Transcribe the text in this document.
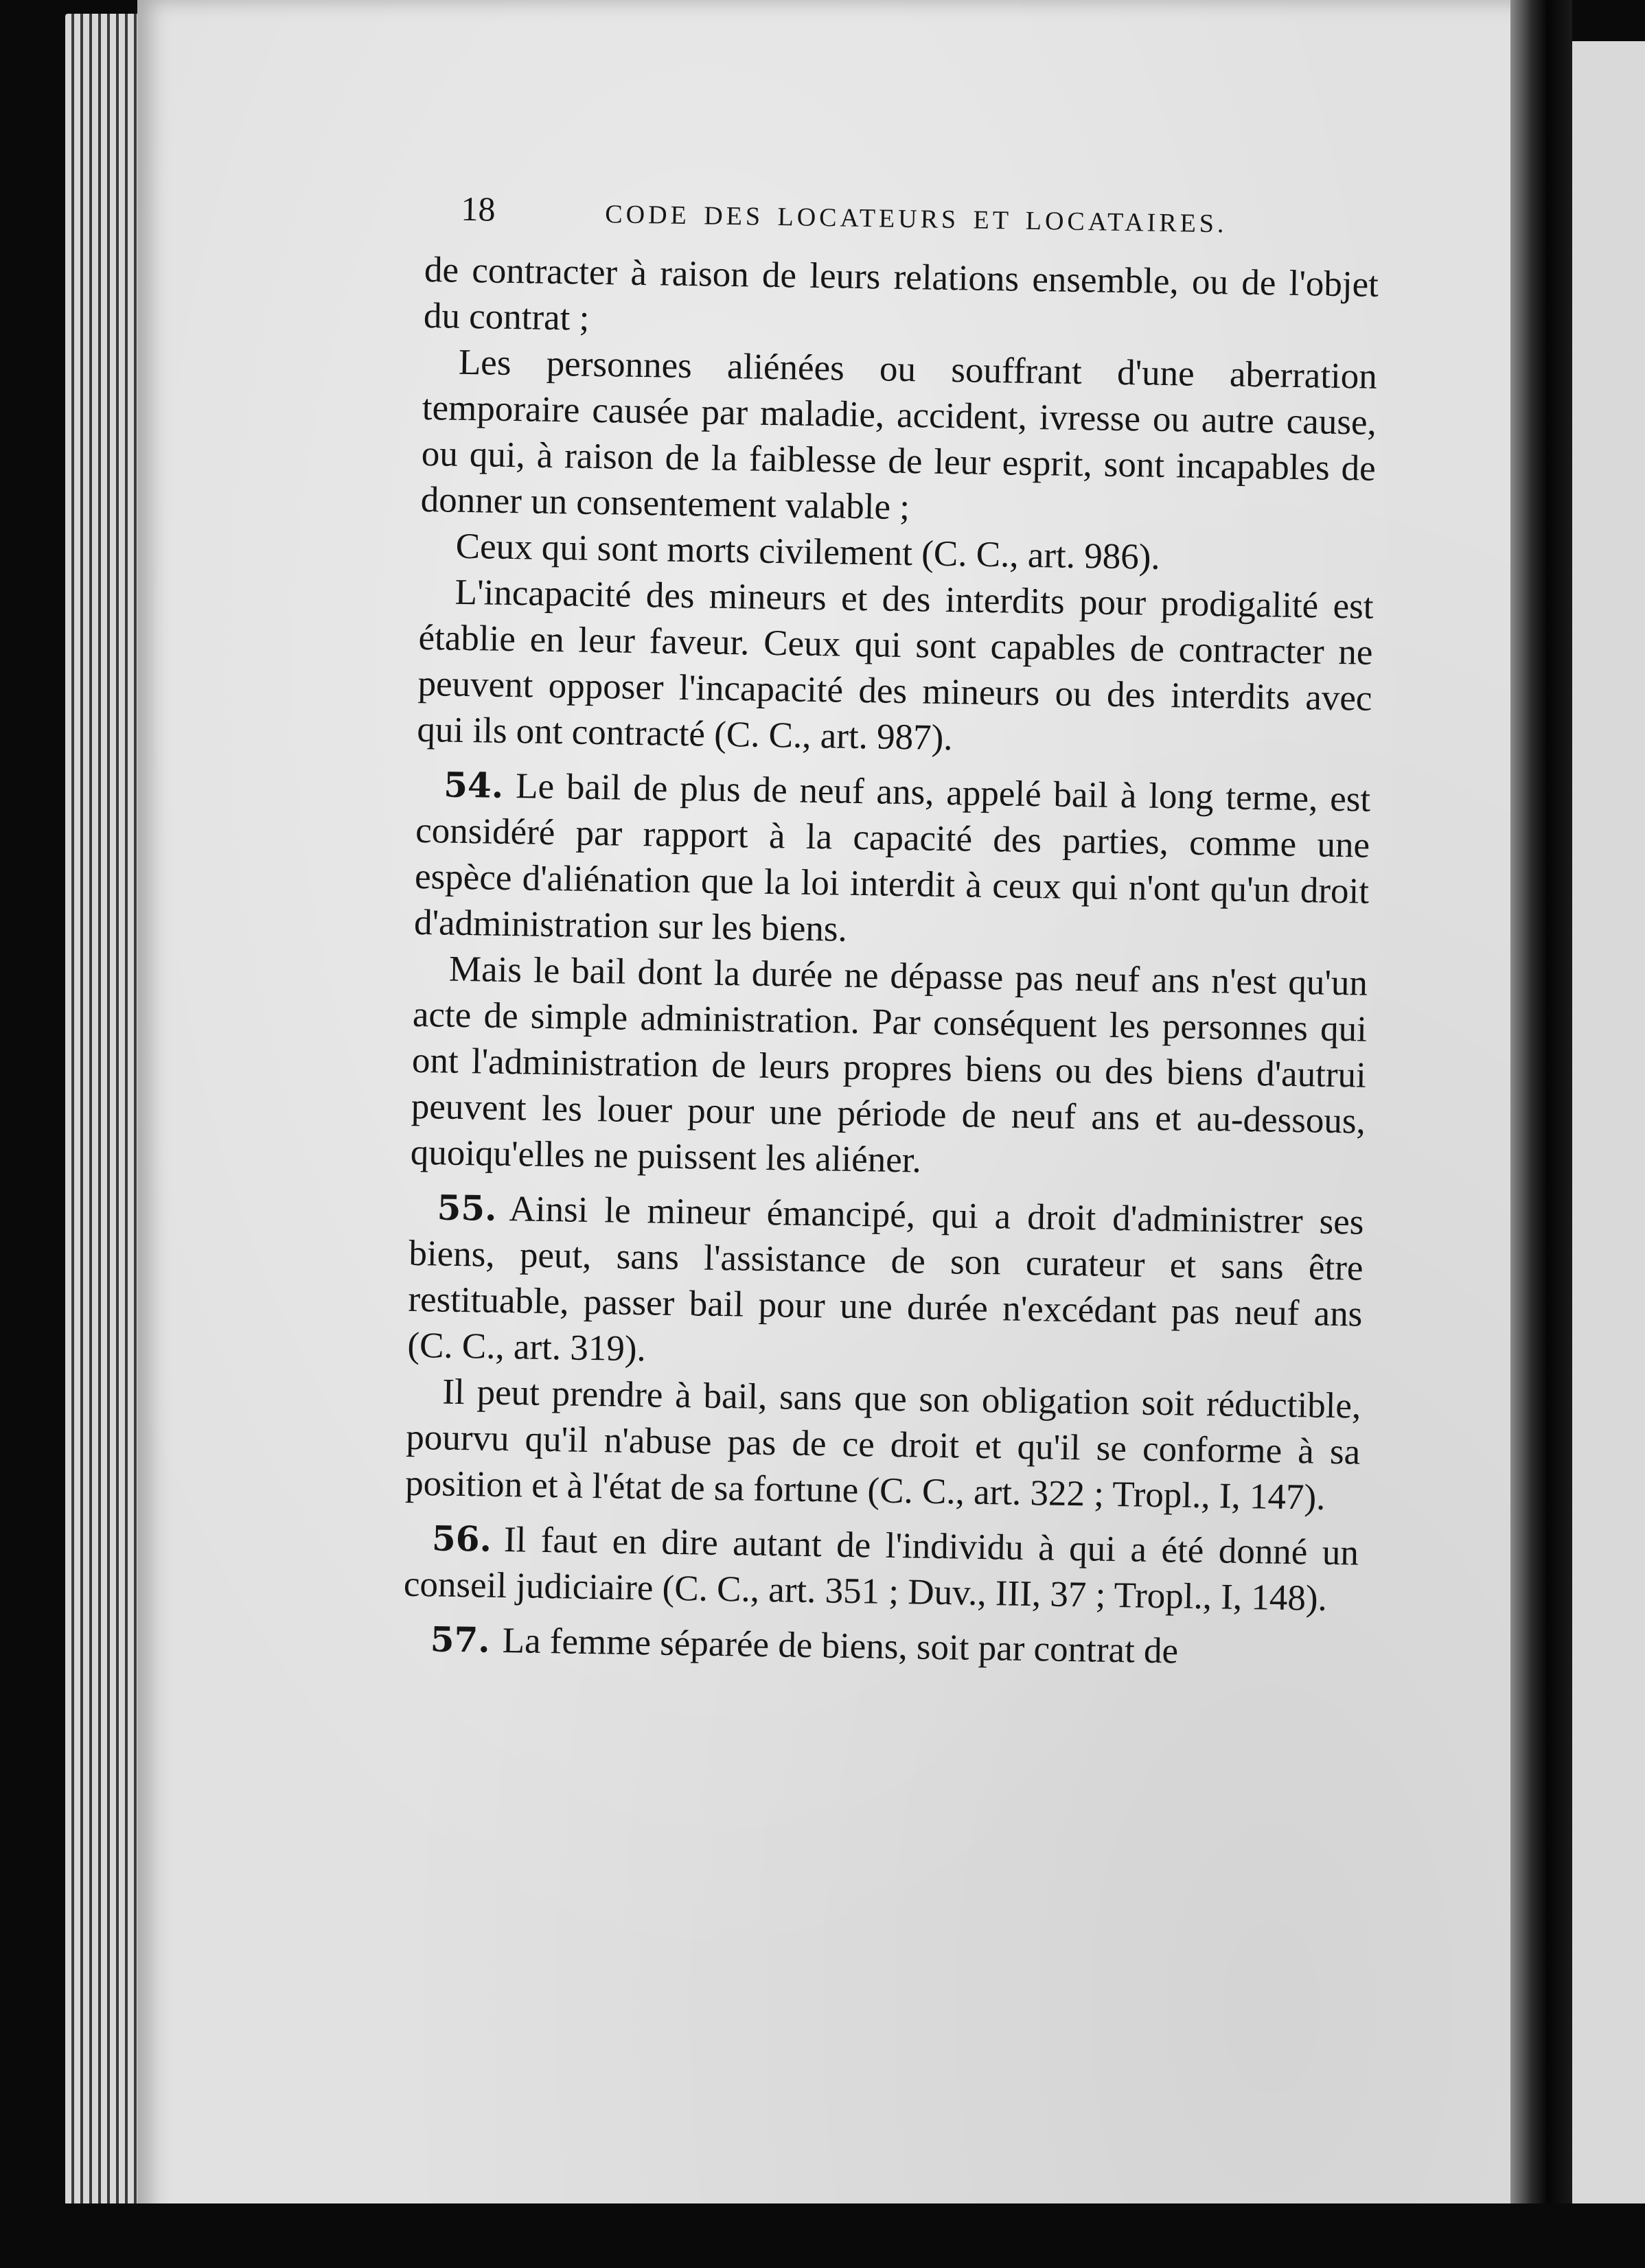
18	CODE DES LOCATEURS ET LOCATAIRES.

de contracter à raison de leurs relations ensemble, ou de l'objet du contrat ;

Les personnes aliénées ou souffrant d'une aberration temporaire causée par maladie, accident, ivresse ou autre cause, ou qui, à raison de la faiblesse de leur esprit, sont incapables de donner un consentement valable ;

Ceux qui sont morts civilement (C. C., art. 986).

L'incapacité des mineurs et des interdits pour prodigalité est établie en leur faveur. Ceux qui sont capables de contracter ne peuvent opposer l'incapacité des mineurs ou des interdits avec qui ils ont contracté (C. C., art. 987).

54. Le bail de plus de neuf ans, appelé bail à long terme, est considéré par rapport à la capacité des parties, comme une espèce d'aliénation que la loi interdit à ceux qui n'ont qu'un droit d'administration sur les biens.

Mais le bail dont la durée ne dépasse pas neuf ans n'est qu'un acte de simple administration. Par conséquent les personnes qui ont l'administration de leurs propres biens ou des biens d'autrui peuvent les louer pour une période de neuf ans et au-dessous, quoiqu'elles ne puissent les aliéner.

55. Ainsi le mineur émancipé, qui a droit d'administrer ses biens, peut, sans l'assistance de son curateur et sans être restituable, passer bail pour une durée n'excédant pas neuf ans (C. C., art. 319).

Il peut prendre à bail, sans que son obligation soit réductible, pourvu qu'il n'abuse pas de ce droit et qu'il se conforme à sa position et à l'état de sa fortune (C. C., art. 322 ; Tropl., I, 147).

56. Il faut en dire autant de l'individu à qui a été donné un conseil judiciaire (C. C., art. 351 ; Duv., III, 37 ; Tropl., I, 148).

57. La femme séparée de biens, soit par contrat de
